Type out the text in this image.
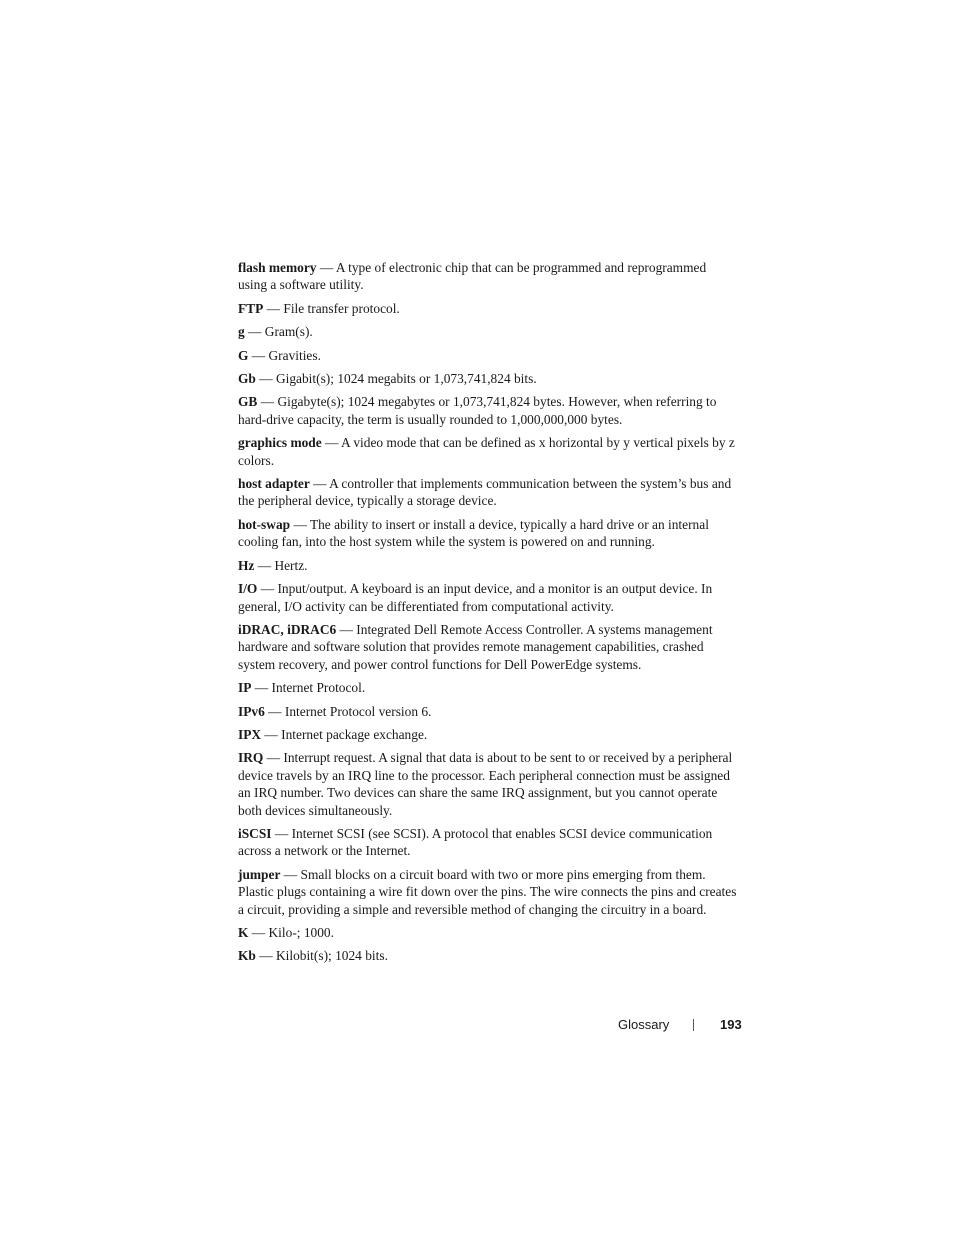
flash memory — A type of electronic chip that can be programmed and reprogrammed using a software utility.

FTP — File transfer protocol.

g — Gram(s).

G — Gravities.

Gb — Gigabit(s); 1024 megabits or 1,073,741,824 bits.

GB — Gigabyte(s); 1024 megabytes or 1,073,741,824 bytes. However, when referring to hard-drive capacity, the term is usually rounded to 1,000,000,000 bytes.

graphics mode — A video mode that can be defined as x horizontal by y vertical pixels by z colors.

host adapter — A controller that implements communication between the system’s bus and the peripheral device, typically a storage device.

hot-swap — The ability to insert or install a device, typically a hard drive or an internal cooling fan, into the host system while the system is powered on and running.

Hz — Hertz.

I/O — Input/output. A keyboard is an input device, and a monitor is an output device. In general, I/O activity can be differentiated from computational activity.

iDRAC, iDRAC6 — Integrated Dell Remote Access Controller. A systems management hardware and software solution that provides remote management capabilities, crashed system recovery, and power control functions for Dell PowerEdge systems.

IP — Internet Protocol.

IPv6 — Internet Protocol version 6.

IPX — Internet package exchange.

IRQ — Interrupt request. A signal that data is about to be sent to or received by a peripheral device travels by an IRQ line to the processor. Each peripheral connection must be assigned an IRQ number. Two devices can share the same IRQ assignment, but you cannot operate both devices simultaneously.

iSCSI — Internet SCSI (see SCSI). A protocol that enables SCSI device communication across a network or the Internet.

jumper — Small blocks on a circuit board with two or more pins emerging from them. Plastic plugs containing a wire fit down over the pins. The wire connects the pins and creates a circuit, providing a simple and reversible method of changing the circuitry in a board.

K — Kilo-; 1000.

Kb — Kilobit(s); 1024 bits.

Glossary	193
